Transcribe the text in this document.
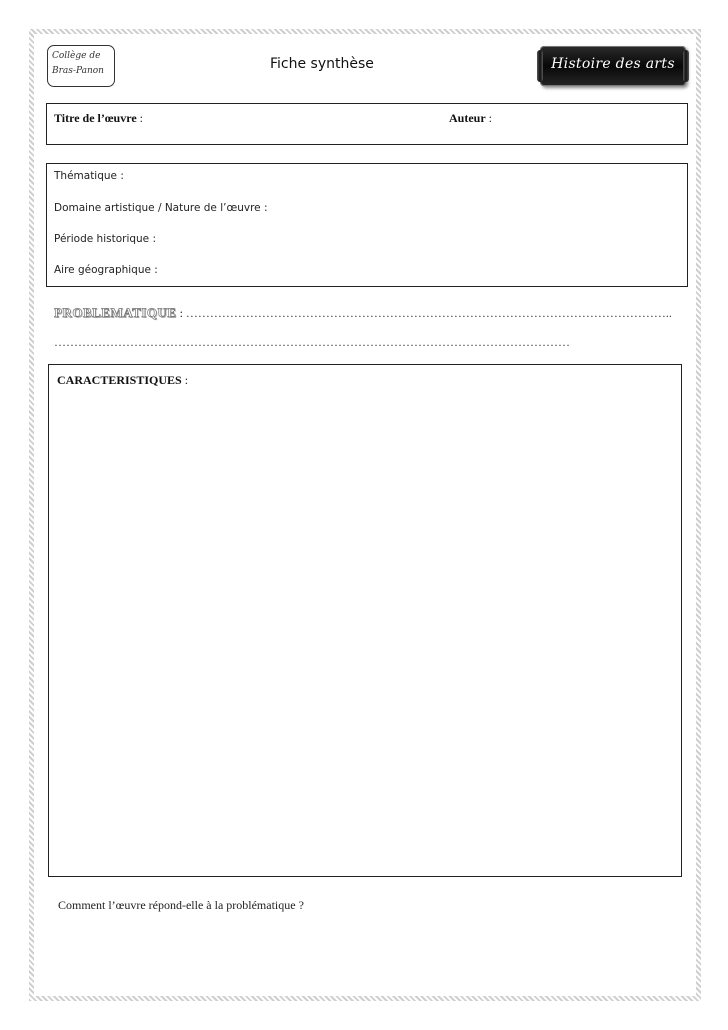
Collège de
Bras-Panon	Fiche synthèse	Histoire des arts
Titre de l’œuvre :	Auteur :
Thématique :
Domaine artistique / Nature de l’œuvre :
Période historique :
Aire géographique :
PROBLEMATIQUE : …………………………………………………………………………………………………………..
…………………………………………………………………………………………………………………
CARACTERISTIQUES :
Comment l’œuvre répond-elle à la problématique ?
